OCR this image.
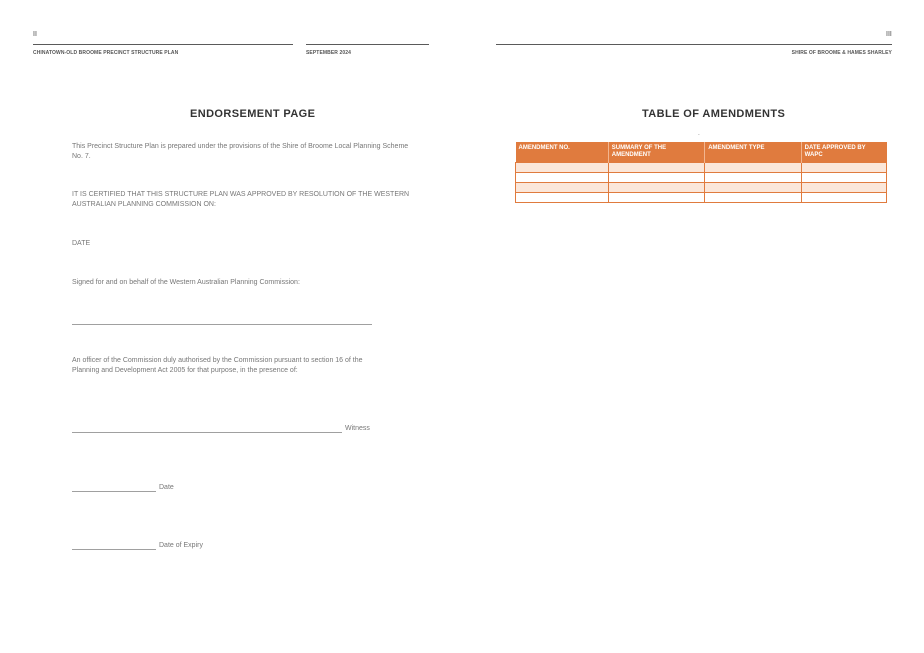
II
CHINATOWN-OLD BROOME PRECINCT STRUCTURE PLAN	SEPTEMBER 2024
III
SHIRE OF BROOME & HAMES SHARLEY
ENDORSEMENT PAGE
This Precinct Structure Plan is prepared under the provisions of the Shire of Broome Local Planning Scheme No. 7.
IT IS CERTIFIED THAT THIS STRUCTURE PLAN WAS APPROVED BY RESOLUTION OF THE WESTERN AUSTRALIAN PLANNING COMMISSION ON:
DATE
Signed for and on behalf of the Western Australian Planning Commission:
An officer of the Commission duly authorised by the Commission pursuant to section 16 of the Planning and Development Act 2005 for that purpose, in the presence of:
Witness
Date
Date of Expiry
TABLE OF AMENDMENTS
-
AMENDMENT NO.	SUMMARY OF THE AMENDMENT	AMENDMENT TYPE	DATE APPROVED BY WAPC
